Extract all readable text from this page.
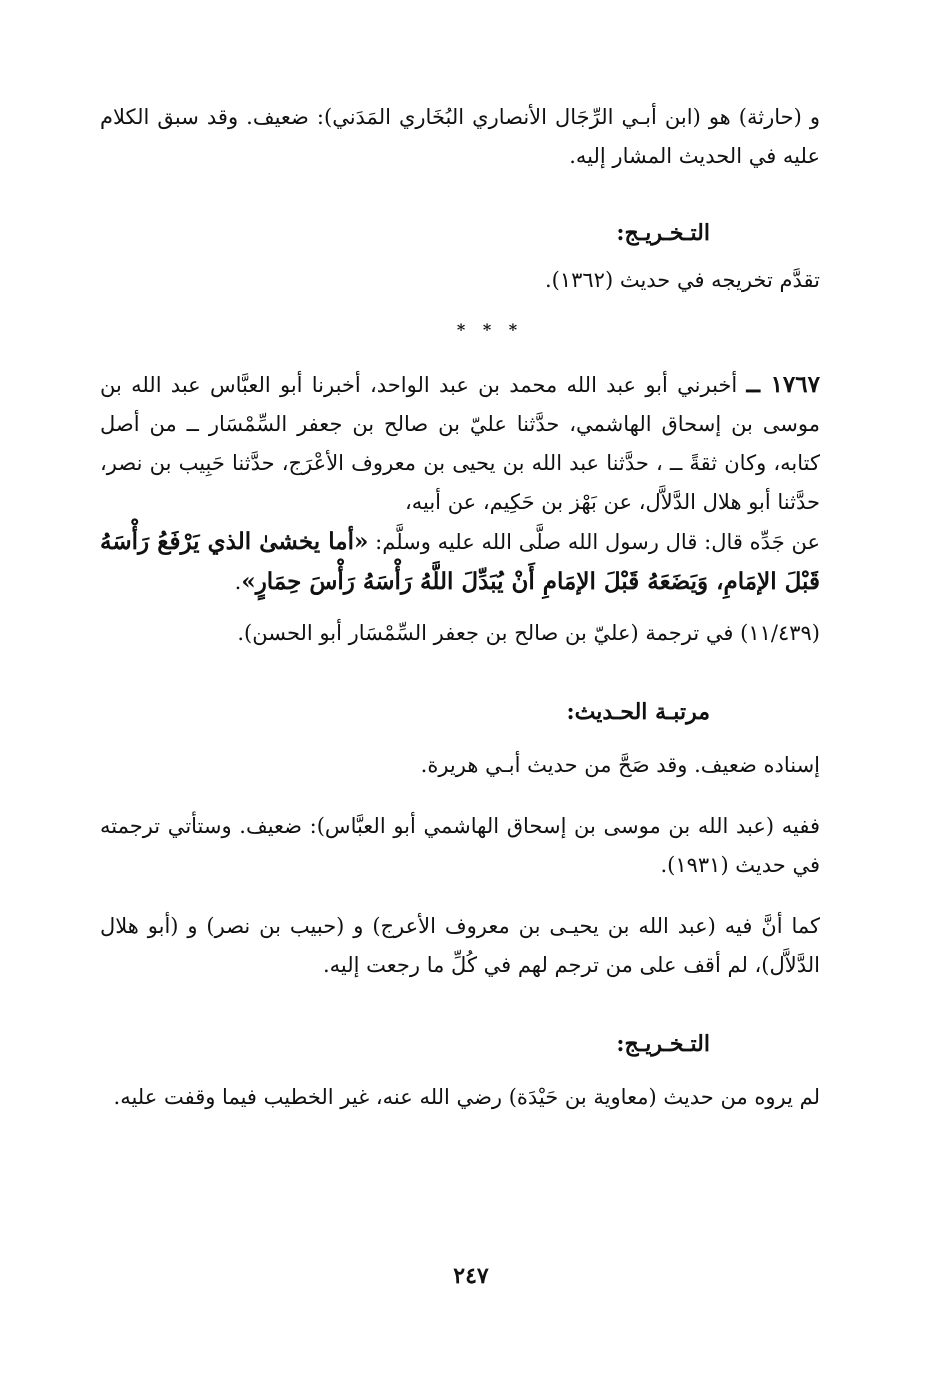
و (حارثة) هو (ابن أبـي الرِّجَال الأنصاري البُخَاري المَدَني): ضعيف. وقد سبق الكلام عليه في الحديث المشار إليه.

التـخـريـج:

تقدَّم تخريجه في حديث (١٣٦٢).

* * *

١٧٦٧ ــ أخبرني أبو عبد الله محمد بن عبد الواحد، أخبرنا أبو العبَّاس عبد الله بن موسى بن إسحاق الهاشمي، حدَّثنا عليّ بن صالح بن جعفر السِّمْسَار ــ من أصل كتابه، وكان ثقةً ــ ، حدَّثنا عبد الله بن يحيى بن معروف الأعْرَج، حدَّثنا حَبِيب بن نصر، حدَّثنا أبو هلال الدَّلاَّل، عن بَهْز بن حَكِيم، عن أبيه،

عن جَدِّه قال: قال رسول الله صلَّى الله عليه وسلَّم: «أما يخشىٰ الذي يَرْفَعُ رَأْسَهُ قَبْلَ الإمَامِ، وَيَضَعَهُ قَبْلَ الإمَامِ أَنْ يُبَدِّلَ اللَّهُ رَأْسَهُ رَأْسَ حِمَارٍ».

(١١/٤٣٩) في ترجمة (عليّ بن صالح بن جعفر السِّمْسَار أبو الحسن).

مرتبـة الحـديث:

إسناده ضعيف. وقد صَحَّ من حديث أبـي هريرة.

ففيه (عبد الله بن موسى بن إسحاق الهاشمي أبو العبَّاس): ضعيف. وستأتي ترجمته في حديث (١٩٣١).

كما أنَّ فيه (عبد الله بن يحيـى بن معروف الأعرج) و (حبيب بن نصر) و (أبو هلال الدَّلاَّل)، لم أقف على من ترجم لهم في كُلِّ ما رجعت إليه.

التـخـريـج:

لم يروه من حديث (معاوية بن حَيْدَة) رضي الله عنه، غير الخطيب فيما وقفت عليه.

٢٤٧
